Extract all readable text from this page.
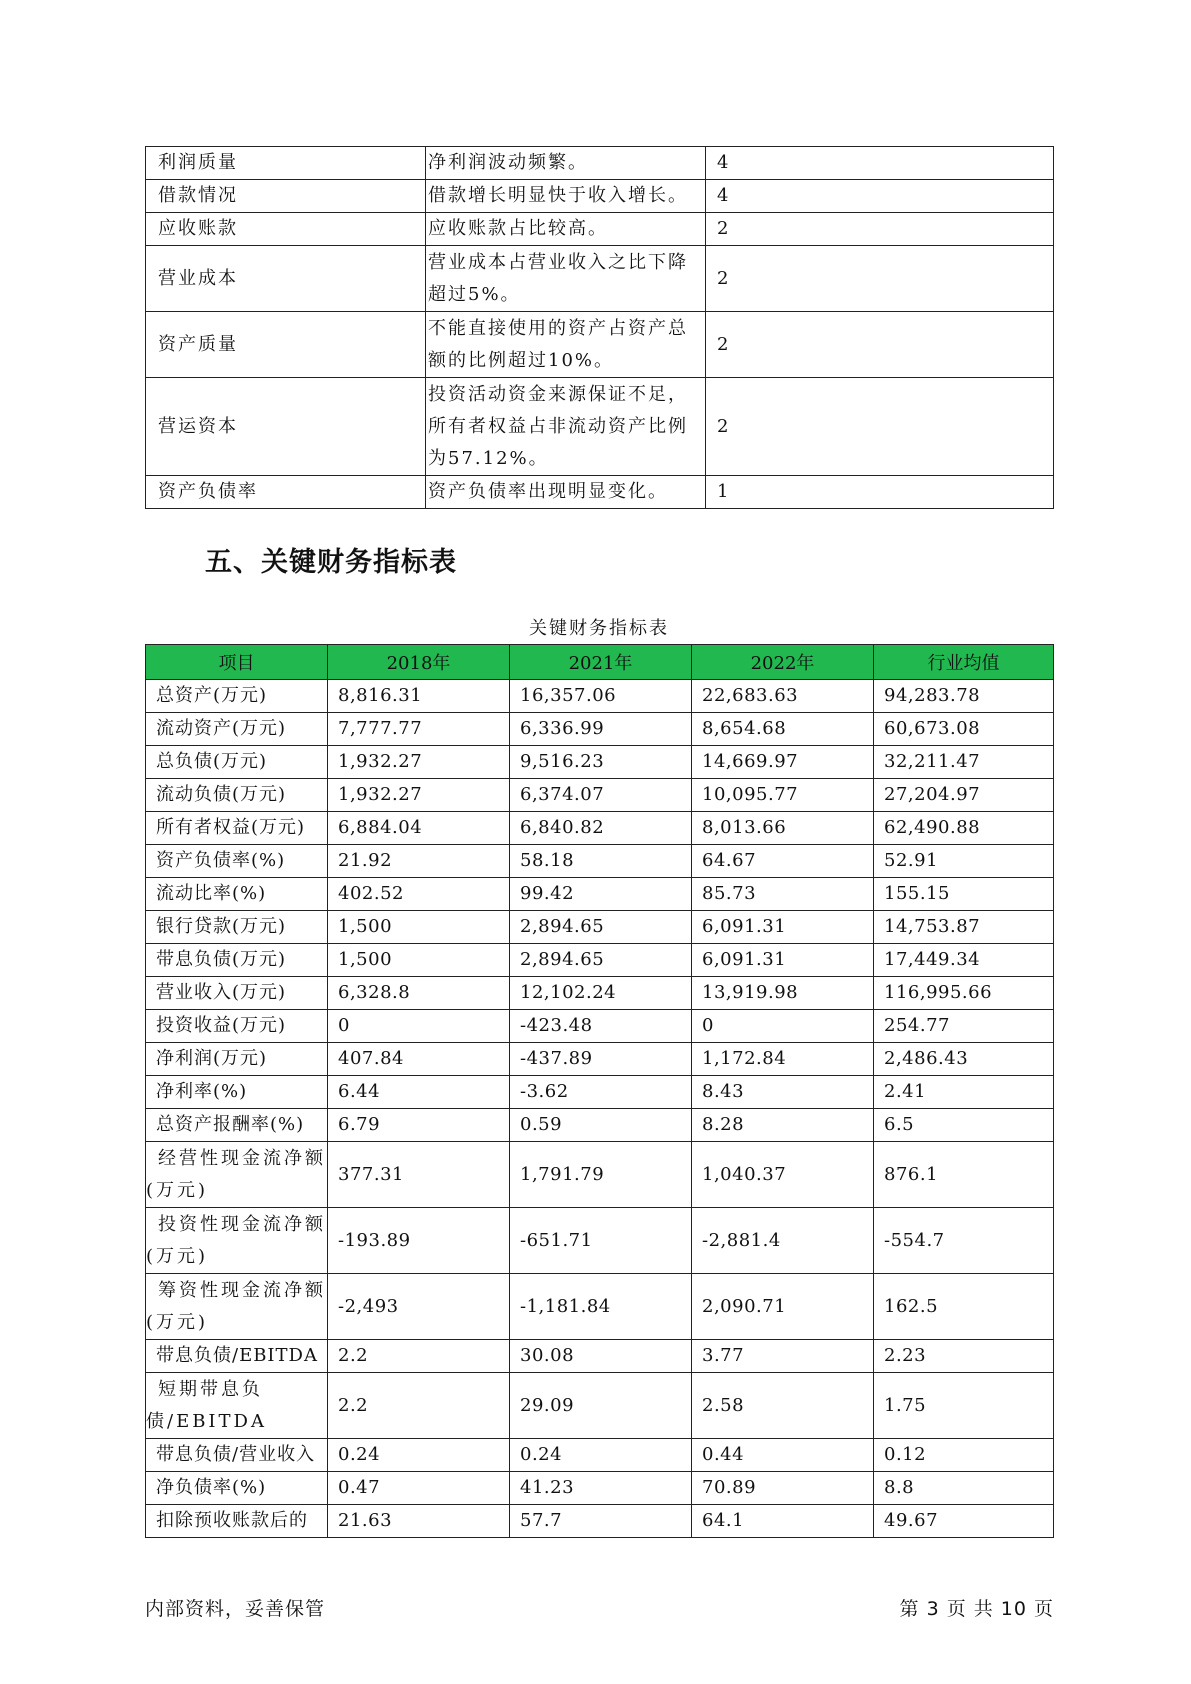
利润质量	净利润波动频繁。	4
借款情况	借款增长明显快于收入增长。	4
应收账款	应收账款占比较高。	2
营业成本	营业成本占营业收入之比下降超过5%。	2
资产质量	不能直接使用的资产占资产总额的比例超过10%。	2
营运资本	投资活动资金来源保证不足，所有者权益占非流动资产比例为57.12%。	2
资产负债率	资产负债率出现明显变化。	1
五、关键财务指标表
关键财务指标表
项目	2018年	2021年	2022年	行业均值
总资产(万元)	8,816.31	16,357.06	22,683.63	94,283.78
流动资产(万元)	7,777.77	6,336.99	8,654.68	60,673.08
总负债(万元)	1,932.27	9,516.23	14,669.97	32,211.47
流动负债(万元)	1,932.27	6,374.07	10,095.77	27,204.97
所有者权益(万元)	6,884.04	6,840.82	8,013.66	62,490.88
资产负债率(%)	21.92	58.18	64.67	52.91
流动比率(%)	402.52	99.42	85.73	155.15
银行贷款(万元)	1,500	2,894.65	6,091.31	14,753.87
带息负债(万元)	1,500	2,894.65	6,091.31	17,449.34
营业收入(万元)	6,328.8	12,102.24	13,919.98	116,995.66
投资收益(万元)	0	-423.48	0	254.77
净利润(万元)	407.84	-437.89	1,172.84	2,486.43
净利率(%)	6.44	-3.62	8.43	2.41
总资产报酬率(%)	6.79	0.59	8.28	6.5
经营性现金流净额(万元)	377.31	1,791.79	1,040.37	876.1
投资性现金流净额(万元)	-193.89	-651.71	-2,881.4	-554.7
筹资性现金流净额(万元)	-2,493	-1,181.84	2,090.71	162.5
带息负债/EBITDA	2.2	30.08	3.77	2.23
短期带息负债/EBITDA	2.2	29.09	2.58	1.75
带息负债/营业收入	0.24	0.24	0.44	0.12
净负债率(%)	0.47	41.23	70.89	8.8
扣除预收账款后的	21.63	57.7	64.1	49.67
内部资料，妥善保管	第 3 页 共 10 页
